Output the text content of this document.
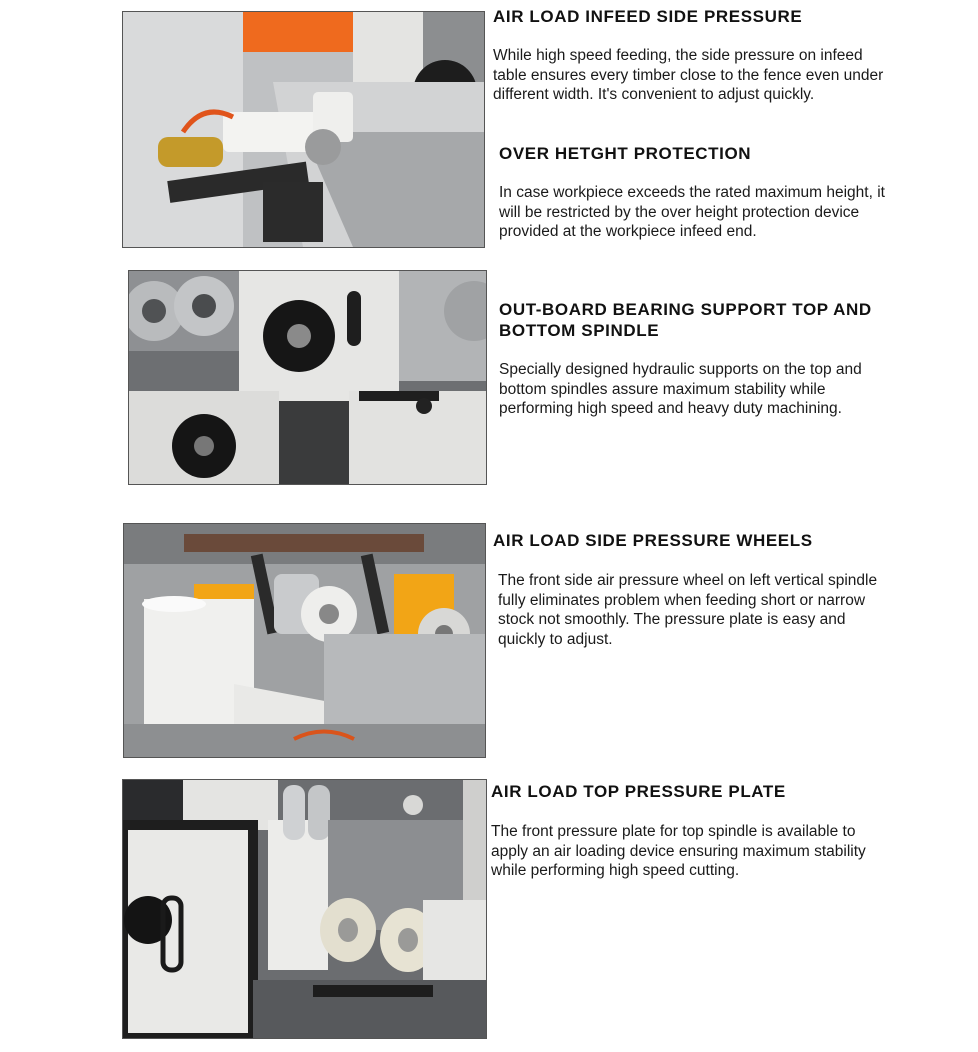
AIR LOAD INFEED SIDE PRESSURE

While high speed feeding, the side pressure on infeed table ensures every timber close to the fence even under different width. It's convenient to adjust quickly.

OVER HETGHT PROTECTION

In case workpiece exceeds the rated maximum height, it will be restricted by the over height protection device provided at the workpiece infeed end.

OUT-BOARD BEARING SUPPORT TOP AND BOTTOM SPINDLE

Specially designed hydraulic supports on the top and bottom spindles assure maximum stability while performing high speed and heavy duty machining.

AIR LOAD SIDE PRESSURE WHEELS

The front side air pressure wheel on left vertical spindle fully eliminates problem when feeding short or narrow stock not smoothly. The pressure plate is easy and quickly to adjust.

AIR LOAD TOP PRESSURE PLATE

The front pressure plate for top spindle is available to apply an air loading device ensuring maximum stability while performing high speed cutting.
